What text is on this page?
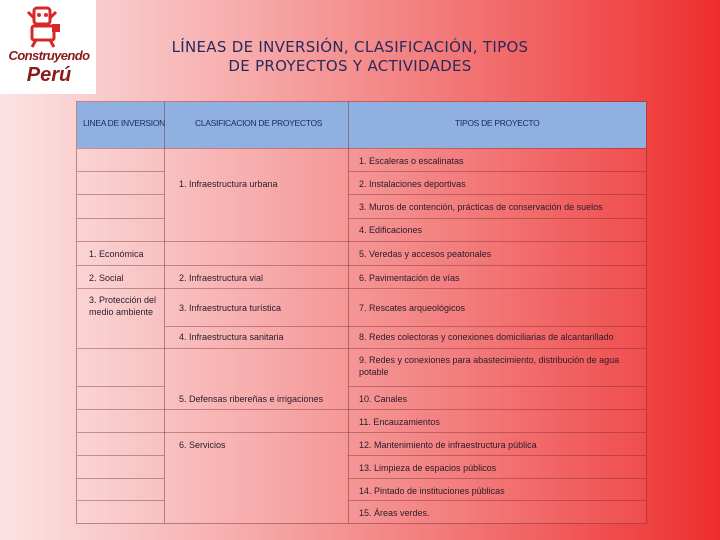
Construyendo
Perú
LÍNEAS DE INVERSIÓN, CLASIFICACIÓN, TIPOS
DE PROYECTOS Y ACTIVIDADES
LINEA DE INVERSION	CLASIFICACION DE PROYECTOS	TIPOS DE PROYECTO
1. Económica
2. Social
3. Protección del medio ambiente
1. Infraestructura urbana
2. Infraestructura vial
3. Infraestructura turística
4. Infraestructura sanitaria
5. Defensas ribereñas e irrigaciones
6. Servicios
1. Escaleras o escalinatas
2. Instalaciones deportivas
3. Muros de contención, prácticas de conservación de suelos
4. Edificaciones
5. Veredas y accesos peatonales
6. Pavimentación de vías
7. Rescates arqueológicos
8. Redes colectoras y conexiones domiciliarias de alcantarillado
9. Redes y conexiones para abastecimiento, distribución de agua potable
10. Canales
11. Encauzamientos
12. Mantenimiento de infraestructura pública
13. Limpieza de espacios públicos
14. Pintado de instituciones públicas
15. Áreas verdes.
